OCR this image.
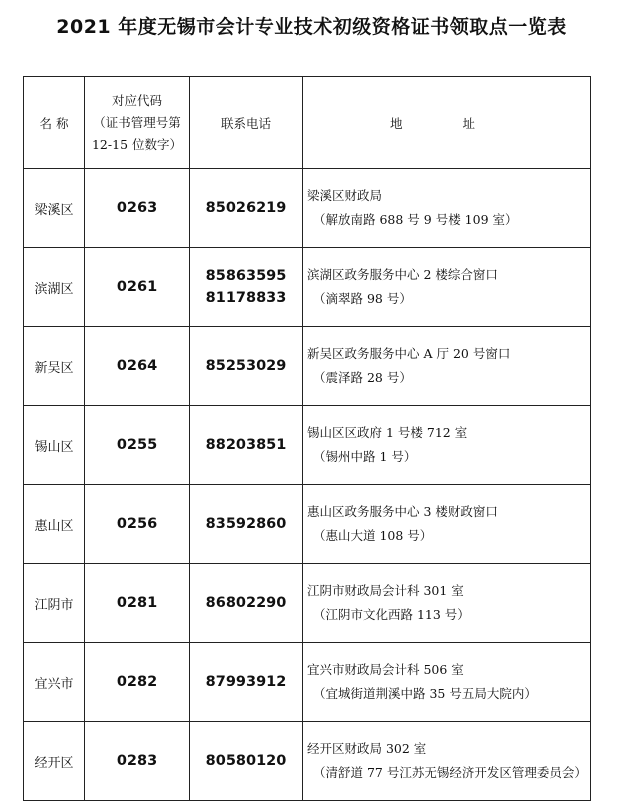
2021 年度无锡市会计专业技术初级资格证书领取点一览表
名 称	对应代码
（证书管理号第
12-15 位数字）	联系电话	地 址
梁溪区	0263	85026219	梁溪区财政局
（解放南路 688 号 9 号楼 109 室）

滨湖区	0261	85863595
81178833	滨湖区政务服务中心 2 楼综合窗口
（滴翠路 98 号）

新吴区	0264	85253029	新吴区政务服务中心 A 厅 20 号窗口
（震泽路 28 号）

锡山区	0255	88203851	锡山区区政府 1 号楼 712 室
（锡州中路 1 号）

惠山区	0256	83592860	惠山区政务服务中心 3 楼财政窗口
（惠山大道 108 号）

江阴市	0281	86802290	江阴市财政局会计科 301 室
（江阴市文化西路 113 号）

宜兴市	0282	87993912	宜兴市财政局会计科 506 室
（宜城街道荆溪中路 35 号五局大院内）

经开区	0283	80580120	经开区财政局 302 室
（清舒道 77 号江苏无锡经济开发区管理委员会）
